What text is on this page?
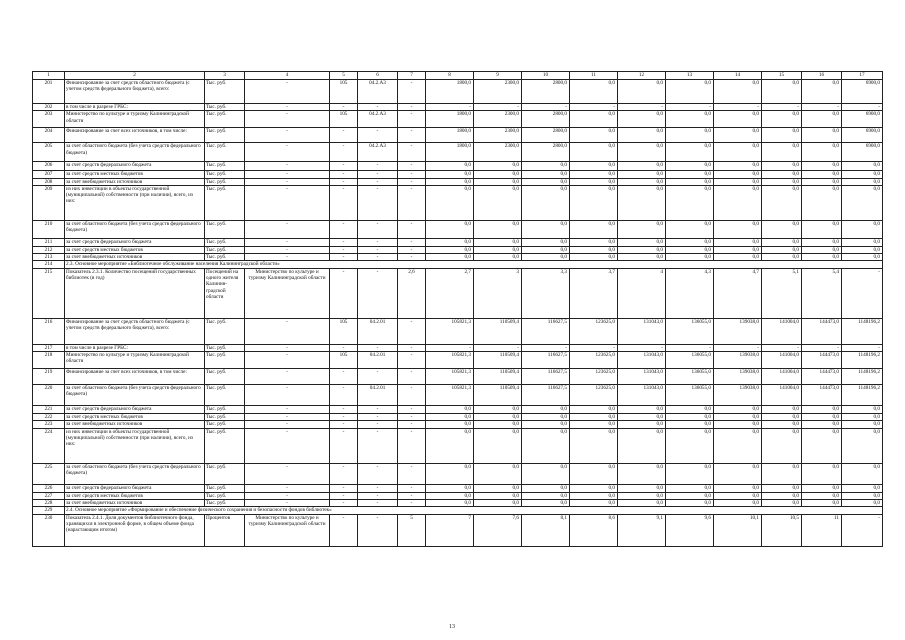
1	2	3	4	5	6	7	8	9	10	11	12	13	14	15	16	17
201	Финансирование за счет средств областного бюджета (с учетом средств федерального бюджета), всего:	Тыс. руб.	-	105	04.2.А3	-	1800,0	2300,0	2800,0	0,0	0,0	0,0	0,0	0,0	0,0	6900,0
202	в том числе в разрезе ГРБС:	Тыс. руб.	-	-	-	-	-	-	-	-	-	-	-	-	-	-
203	Министерство по культуре и туризму Калининградской области	Тыс. руб.	-	105	04.2.А3	-	1800,0	2300,0	2800,0	0,0	0,0	0,0	0,0	0,0	0,0	6900,0
204	Финансирование за счет всех источников, в том числе:	Тыс. руб.	-	-	-	-	1800,0	2300,0	2800,0	0,0	0,0	0,0	0,0	0,0	0,0	6900,0
205	за счет областного бюджета (без учета средств федерального бюджета)	Тыс. руб.	-	-	04.2.А3	-	1800,0	2300,0	2800,0	0,0	0,0	0,0	0,0	0,0	0,0	6900,0
206	за счет средств федерального бюджета	Тыс. руб.	-	-	-	-	0,0	0,0	0,0	0,0	0,0	0,0	0,0	0,0	0,0	0,0
207	за счет средств местных бюджетов	Тыс. руб.	-	-	-	-	0,0	0,0	0,0	0,0	0,0	0,0	0,0	0,0	0,0	0,0
208	за счет внебюджетных источников	Тыс. руб.	-	-	-	-	0,0	0,0	0,0	0,0	0,0	0,0	0,0	0,0	0,0	0,0
209	из них инвестиции в объекты государственной (муниципальной) собственности (при наличии), всего, из них:	Тыс. руб.	-	-	-	-	0,0	0,0	0,0	0,0	0,0	0,0	0,0	0,0	0,0	0,0
210	за счет областного бюджета (без учета средств федерального бюджета)	Тыс. руб.	-	-	-	-	0,0	0,0	0,0	0,0	0,0	0,0	0,0	0,0	0,0	0,0
211	за счет средств федерального бюджета	Тыс. руб.	-	-	-	-	0,0	0,0	0,0	0,0	0,0	0,0	0,0	0,0	0,0	0,0
212	за счет средств местных бюджетов	Тыс. руб.	-	-	-	-	0,0	0,0	0,0	0,0	0,0	0,0	0,0	0,0	0,0	0,0
213	за счет внебюджетных источников	Тыс. руб.	-	-	-	-	0,0	0,0	0,0	0,0	0,0	0,0	0,0	0,0	0,0	0,0
214	2.3. Основное мероприятие «Библиотечное обслуживание населения Калининградской области»															
215	Показатель 2.3.1. Количество посещений государственных библиотек (в год)	Посещений на одного жителя Калинин-градской области	Министерство по культуре и туризму Калининградской области	-	-	2,6	2,7	3	3,3	3,7	4	4,3	4,7	5,1	5,4	-
216	Финансирование за счет средств областного бюджета (с учетом средств федерального бюджета), всего:	Тыс. руб.	-	105	04.2.01	-	105821,3	110509,4	116627,5	123625,0	131043,0	136055,0	139038,0	141004,0	144473,0	1148196,2
217	в том числе в разрезе ГРБС:	Тыс. руб.	-	-	-	-	-	-	-	-	-	-	-	-	-	-
218	Министерство по культуре и туризму Калининградской области	Тыс. руб.	-	105	04.2.01	-	105821,3	110509,4	116627,5	123625,0	131043,0	136055,0	139038,0	141004,0	144473,0	1148196,2
219	Финансирование за счет всех источников, в том числе:	Тыс. руб.	-	-	-	-	105821,3	110509,4	116627,5	123625,0	131043,0	136055,0	139038,0	141004,0	144473,0	1148196,2
220	за счет областного бюджета (без учета средств федерального бюджета)	Тыс. руб.	-	-	04.2.01	-	105821,3	110509,4	116627,5	123625,0	131043,0	136055,0	139038,0	141004,0	144473,0	1148196,2
221	за счет средств федерального бюджета	Тыс. руб.	-	-	-	-	0,0	0,0	0,0	0,0	0,0	0,0	0,0	0,0	0,0	0,0
222	за счет средств местных бюджетов	Тыс. руб.	-	-	-	-	0,0	0,0	0,0	0,0	0,0	0,0	0,0	0,0	0,0	0,0
223	за счет внебюджетных источников	Тыс. руб.	-	-	-	-	0,0	0,0	0,0	0,0	0,0	0,0	0,0	0,0	0,0	0,0
224	из них инвестиции в объекты государственной (муниципальной) собственности (при наличии), всего, из них:	Тыс. руб.	-	-	-	-	0,0	0,0	0,0	0,0	0,0	0,0	0,0	0,0	0,0	0,0
225	за счет областного бюджета (без учета средств федерального бюджета)	Тыс. руб.	-	-	-	-	0,0	0,0	0,0	0,0	0,0	0,0	0,0	0,0	0,0	0,0
226	за счет средств федерального бюджета	Тыс. руб.	-	-	-	-	0,0	0,0	0,0	0,0	0,0	0,0	0,0	0,0	0,0	0,0
227	за счет средств местных бюджетов	Тыс. руб.	-	-	-	-	0,0	0,0	0,0	0,0	0,0	0,0	0,0	0,0	0,0	0,0
228	за счет внебюджетных источников	Тыс. руб.	-	-	-	-	0,0	0,0	0,0	0,0	0,0	0,0	0,0	0,0	0,0	0,0
229	2.4. Основное мероприятие «Формирование и обеспечение физического сохранения и безопасности фондов библиотек»															
230	Показатель 2.4.1. Доля документов библиотечного фонда, хранящихся в электронной форме, в общем объеме фонда (нарастающим итогом)	Процентов	Министерство по культуре и туризму Калининградской области	-	-	5	7	7,6	8,1	8,6	9,1	9,6	10,1	10,5	11	-
13
